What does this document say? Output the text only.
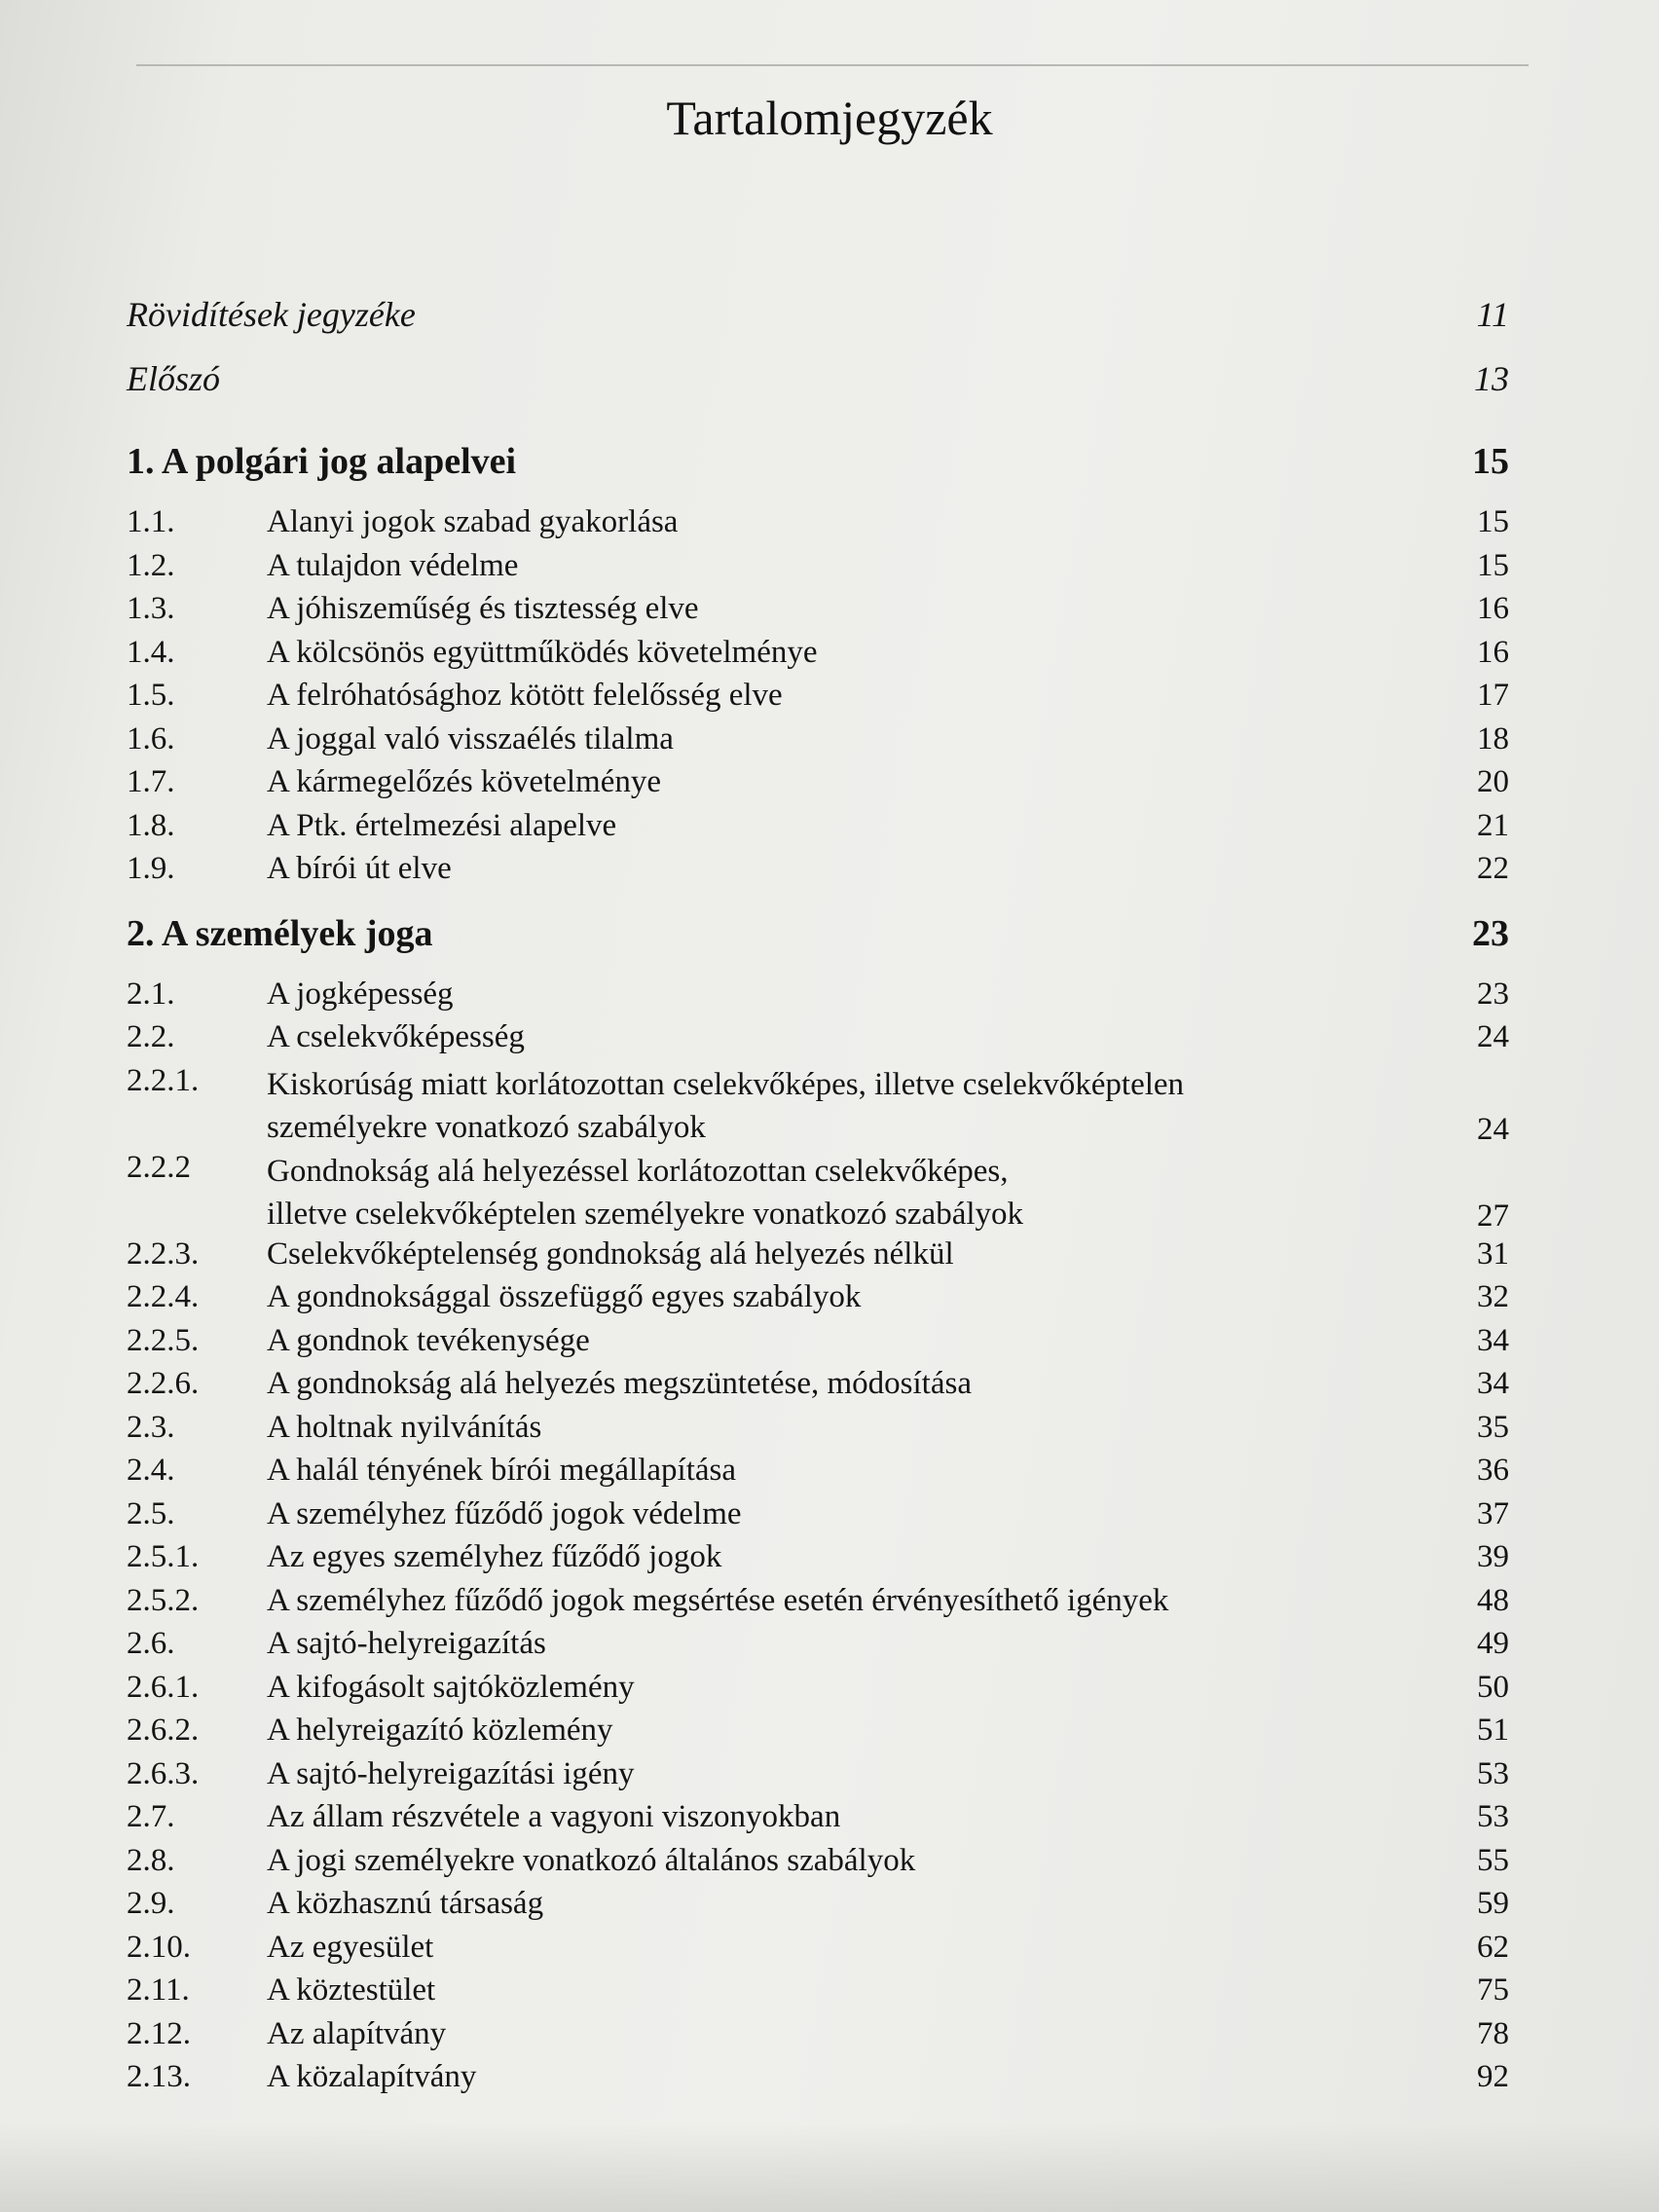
Tartalomjegyzék
Rövidítések jegyzéke	11
Előszó	13
1. A polgári jog alapelvei	15
1.1.	Alanyi jogok szabad gyakorlása	15
1.2.	A tulajdon védelme	15
1.3.	A jóhiszeműség és tisztesség elve	16
1.4.	A kölcsönös együttműködés követelménye	16
1.5.	A felróhatósághoz kötött felelősség elve	17
1.6.	A joggal való visszaélés tilalma	18
1.7.	A kármegelőzés követelménye	20
1.8.	A Ptk. értelmezési alapelve	21
1.9.	A bírói út elve	22
2. A személyek joga	23
2.1.	A jogképesség	23
2.2.	A cselekvőképesség	24
2.2.1.	Kiskorúság miatt korlátozottan cselekvőképes, illetve cselekvőképtelen
személyekre vonatkozó szabályok	24
2.2.2	Gondnokság alá helyezéssel korlátozottan cselekvőképes,
illetve cselekvőképtelen személyekre vonatkozó szabályok	27
2.2.3.	Cselekvőképtelenség gondnokság alá helyezés nélkül	31
2.2.4.	A gondnoksággal összefüggő egyes szabályok	32
2.2.5.	A gondnok tevékenysége	34
2.2.6.	A gondnokság alá helyezés megszüntetése, módosítása	34
2.3.	A holtnak nyilvánítás	35
2.4.	A halál tényének bírói megállapítása	36
2.5.	A személyhez fűződő jogok védelme	37
2.5.1.	Az egyes személyhez fűződő jogok	39
2.5.2.	A személyhez fűződő jogok megsértése esetén érvényesíthető igények	48
2.6.	A sajtó-helyreigazítás	49
2.6.1.	A kifogásolt sajtóközlemény	50
2.6.2.	A helyreigazító közlemény	51
2.6.3.	A sajtó-helyreigazítási igény	53
2.7.	Az állam részvétele a vagyoni viszonyokban	53
2.8.	A jogi személyekre vonatkozó általános szabályok	55
2.9.	A közhasznú társaság	59
2.10.	Az egyesület	62
2.11.	A köztestület	75
2.12.	Az alapítvány	78
2.13.	A közalapítvány	92
